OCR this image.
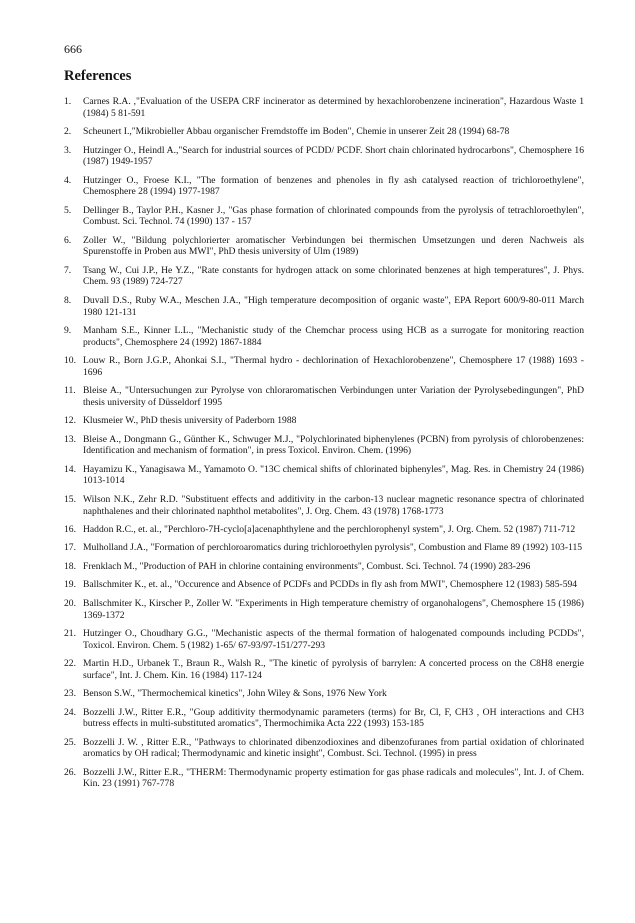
666
References
1.	Carnes R.A. ,"Evaluation of the USEPA CRF incinerator as determined by hexachlorobenzene incineration", Hazardous Waste 1 (1984) 5 81-591
2.	Scheunert I.,"Mikrobieller Abbau organischer Fremdstoffe im Boden", Chemie in unserer Zeit 28 (1994) 68-78
3.	Hutzinger O., Heindl A.,"Search for industrial sources of PCDD/ PCDF. Short chain chlorinated hydrocarbons", Chemosphere 16 (1987) 1949-1957
4.	Hutzinger O., Froese K.I., "The formation of benzenes and phenoles in fly ash catalysed reaction of trichloroethylene", Chemosphere 28 (1994) 1977-1987
5.	Dellinger B., Taylor P.H., Kasner J., "Gas phase formation of chlorinated compounds from the pyrolysis of tetrachloroethylen", Combust. Sci. Technol. 74 (1990) 137 - 157
6.	Zoller W., "Bildung polychlorierter aromatischer Verbindungen bei thermischen Umsetzungen und deren Nachweis als Spurenstoffe in Proben aus MWI", PhD thesis university of Ulm (1989)
7.	Tsang W., Cui J.P., He Y.Z., "Rate constants for hydrogen attack on some chlorinated benzenes at high temperatures", J. Phys. Chem. 93 (1989) 724-727
8.	Duvall D.S., Ruby W.A., Meschen J.A., "High temperature decomposition of organic waste", EPA Report 600/9-80-011 March 1980 121-131
9.	Manham S.E., Kinner L.L., "Mechanistic study of the Chemchar process using HCB as a surrogate for monitoring reaction products", Chemosphere 24 (1992) 1867-1884
10. Louw R., Born J.G.P., Ahonkai S.I., "Thermal hydro - dechlorination of Hexachlorobenzene", Chemosphere 17 (1988) 1693 - 1696
11. Bleise A., "Untersuchungen zur Pyrolyse von chloraromatischen Verbindungen unter Variation der Pyrolysebedingungen", PhD thesis university of Düsseldorf 1995
12. Klusmeier W., PhD thesis university of Paderborn 1988
13. Bleise A., Dongmann G., Günther K., Schwuger M.J., "Polychlorinated biphenylenes (PCBN) from pyrolysis of chlorobenzenes: Identification and mechanism of formation", in press Toxicol. Environ. Chem. (1996)
14. Hayamizu K., Yanagisawa M., Yamamoto O. "13C chemical shifts of chlorinated biphenyles", Mag. Res. in Chemistry 24 (1986) 1013-1014
15. Wilson N.K., Zehr R.D. "Substituent effects and additivity in the carbon-13 nuclear magnetic resonance spectra of chlorinated naphthalenes and their chlorinated naphthol metabolites", J. Org. Chem. 43 (1978) 1768-1773
16. Haddon R.C., et. al., "Perchloro-7H-cyclo[a]acenaphthylene and the perchlorophenyl system", J. Org. Chem. 52 (1987) 711-712
17. Mulholland J.A., "Formation of perchloroaromatics during trichloroethylen pyrolysis", Combustion and Flame 89 (1992) 103-115
18. Frenklach M., "Production of PAH in chlorine containing environments", Combust. Sci. Technol. 74 (1990) 283-296
19. Ballschmiter K., et. al., "Occurence and Absence of PCDFs and PCDDs in fly ash from MWI", Chemosphere 12 (1983) 585-594
20. Ballschmiter K., Kirscher P., Zoller W. "Experiments in High temperature chemistry of organohalogens", Chemosphere 15 (1986) 1369-1372
21. Hutzinger O., Choudhary G.G., "Mechanistic aspects of the thermal formation of halogenated compounds including PCDDs", Toxicol. Environ. Chem. 5 (1982) 1-65/ 67-93/97-151/277-293
22. Martin H.D., Urbanek T., Braun R., Walsh R., "The kinetic of pyrolysis of barrylen: A concerted process on the C8H8 energie surface", Int. J. Chem. Kin. 16 (1984) 117-124
23. Benson S.W., "Thermochemical kinetics", John Wiley & Sons, 1976 New York
24. Bozzelli J.W., Ritter E.R., "Goup additivity thermodynamic parameters (terms) for Br, Cl, F, CH3 , OH interactions and CH3 butress effects in multi-substituted aromatics", Thermochimika Acta 222 (1993) 153-185
25. Bozzelli J. W. , Ritter E.R., "Pathways to chlorinated dibenzodioxines and dibenzofuranes from partial oxidation of chlorinated aromatics by OH radical; Thermodynamic and kinetic insight", Combust. Sci. Technol. (1995) in press
26. Bozzelli J.W., Ritter E.R., "THERM: Thermodynamic property estimation for gas phase radicals and molecules", Int. J. of Chem. Kin. 23 (1991) 767-778
